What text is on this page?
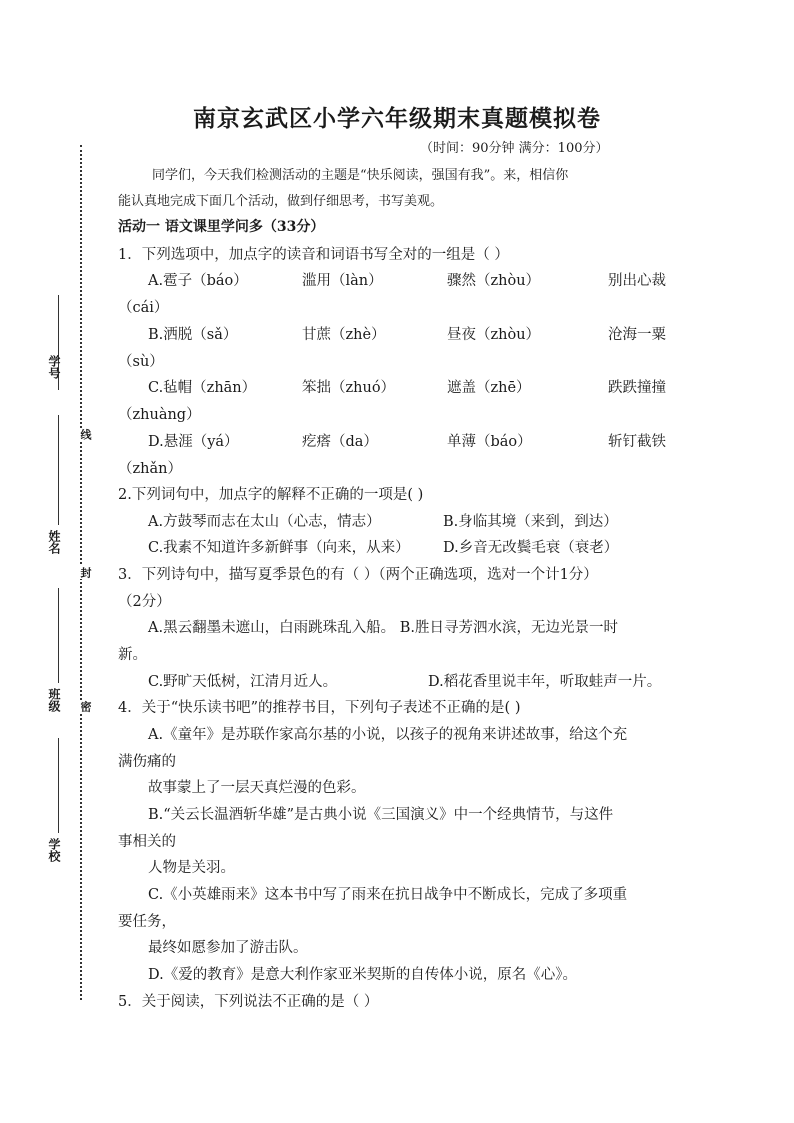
学号
姓名
班级
学校
线
封
密
南京玄武区小学六年级期末真题模拟卷
（时间：90分钟 满分：100分）
同学们，今天我们检测活动的主题是“快乐阅读，强国有我”。来，相信你
能认真地完成下面几个活动，做到仔细思考，书写美观。
活动一 语文课里学问多（33分）
1．下列选项中，加点字的读音和词语书写全对的一组是（ ）
A.雹子（báo）	滥用（làn）	骤然（zhòu）	别出心裁
（cái）
B.洒脱（sǎ）	甘蔗（zhè）	昼夜（zhòu）	沧海一粟
（sù）
C.毡帽（zhān）	笨拙（zhuó）	遮盖（zhē）	跌跌撞撞
（zhuàng）
D.悬涯（yá）	疙瘩（da）	单薄（báo）	斩钉截铁
（zhǎn）
2.下列词句中，加点字的解释不正确的一项是( )
A.方鼓琴而志在太山（心志，情志）	B.身临其境（来到，到达）
C.我素不知道许多新鲜事（向来，从来） D.乡音无改鬓毛衰（衰老）
3．下列诗句中，描写夏季景色的有（ ）（两个正确选项，选对一个计1分）
（2分）
A.黑云翻墨未遮山，白雨跳珠乱入船。 B.胜日寻芳泗水滨，无边光景一时
新。
C.野旷天低树，江清月近人。	D.稻花香里说丰年，听取蛙声一片。
4．关于“快乐读书吧”的推荐书目，下列句子表述不正确的是( )
A.《童年》是苏联作家高尔基的小说，以孩子的视角来讲述故事，给这个充
满伤痛的
故事蒙上了一层天真烂漫的色彩。
B.“关云长温酒斩华雄”是古典小说《三国演义》中一个经典情节，与这件
事相关的
人物是关羽。
C.《小英雄雨来》这本书中写了雨来在抗日战争中不断成长，完成了多项重
要任务，
最终如愿参加了游击队。
D.《爱的教育》是意大利作家亚米契斯的自传体小说，原名《心》。
5．关于阅读，下列说法不正确的是（ ）
